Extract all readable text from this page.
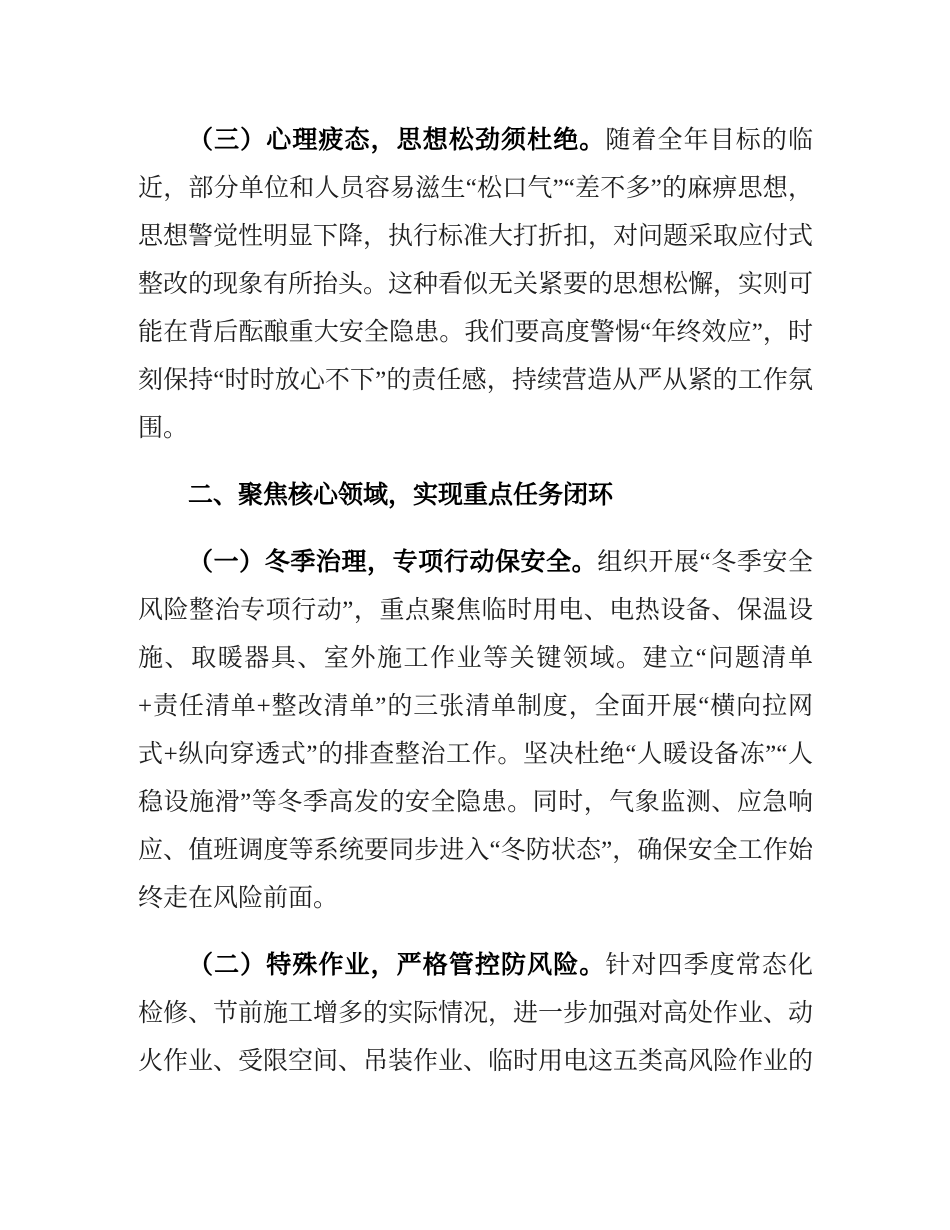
（三）心理疲态，思想松劲须杜绝。随着全年目标的临近，部分单位和人员容易滋生“松口气”“差不多”的麻痹思想，思想警觉性明显下降，执行标准大打折扣，对问题采取应付式整改的现象有所抬头。这种看似无关紧要的思想松懈，实则可能在背后酝酿重大安全隐患。我们要高度警惕“年终效应”，时刻保持“时时放心不下”的责任感，持续营造从严从紧的工作氛围。

二、聚焦核心领域，实现重点任务闭环

（一）冬季治理，专项行动保安全。组织开展“冬季安全风险整治专项行动”，重点聚焦临时用电、电热设备、保温设施、取暖器具、室外施工作业等关键领域。建立“问题清单+责任清单+整改清单”的三张清单制度，全面开展“横向拉网式+纵向穿透式”的排查整治工作。坚决杜绝“人暖设备冻”“人稳设施滑”等冬季高发的安全隐患。同时，气象监测、应急响应、值班调度等系统要同步进入“冬防状态”，确保安全工作始终走在风险前面。

（二）特殊作业，严格管控防风险。针对四季度常态化检修、节前施工增多的实际情况，进一步加强对高处作业、动火作业、受限空间、吊装作业、临时用电这五类高风险作业的
